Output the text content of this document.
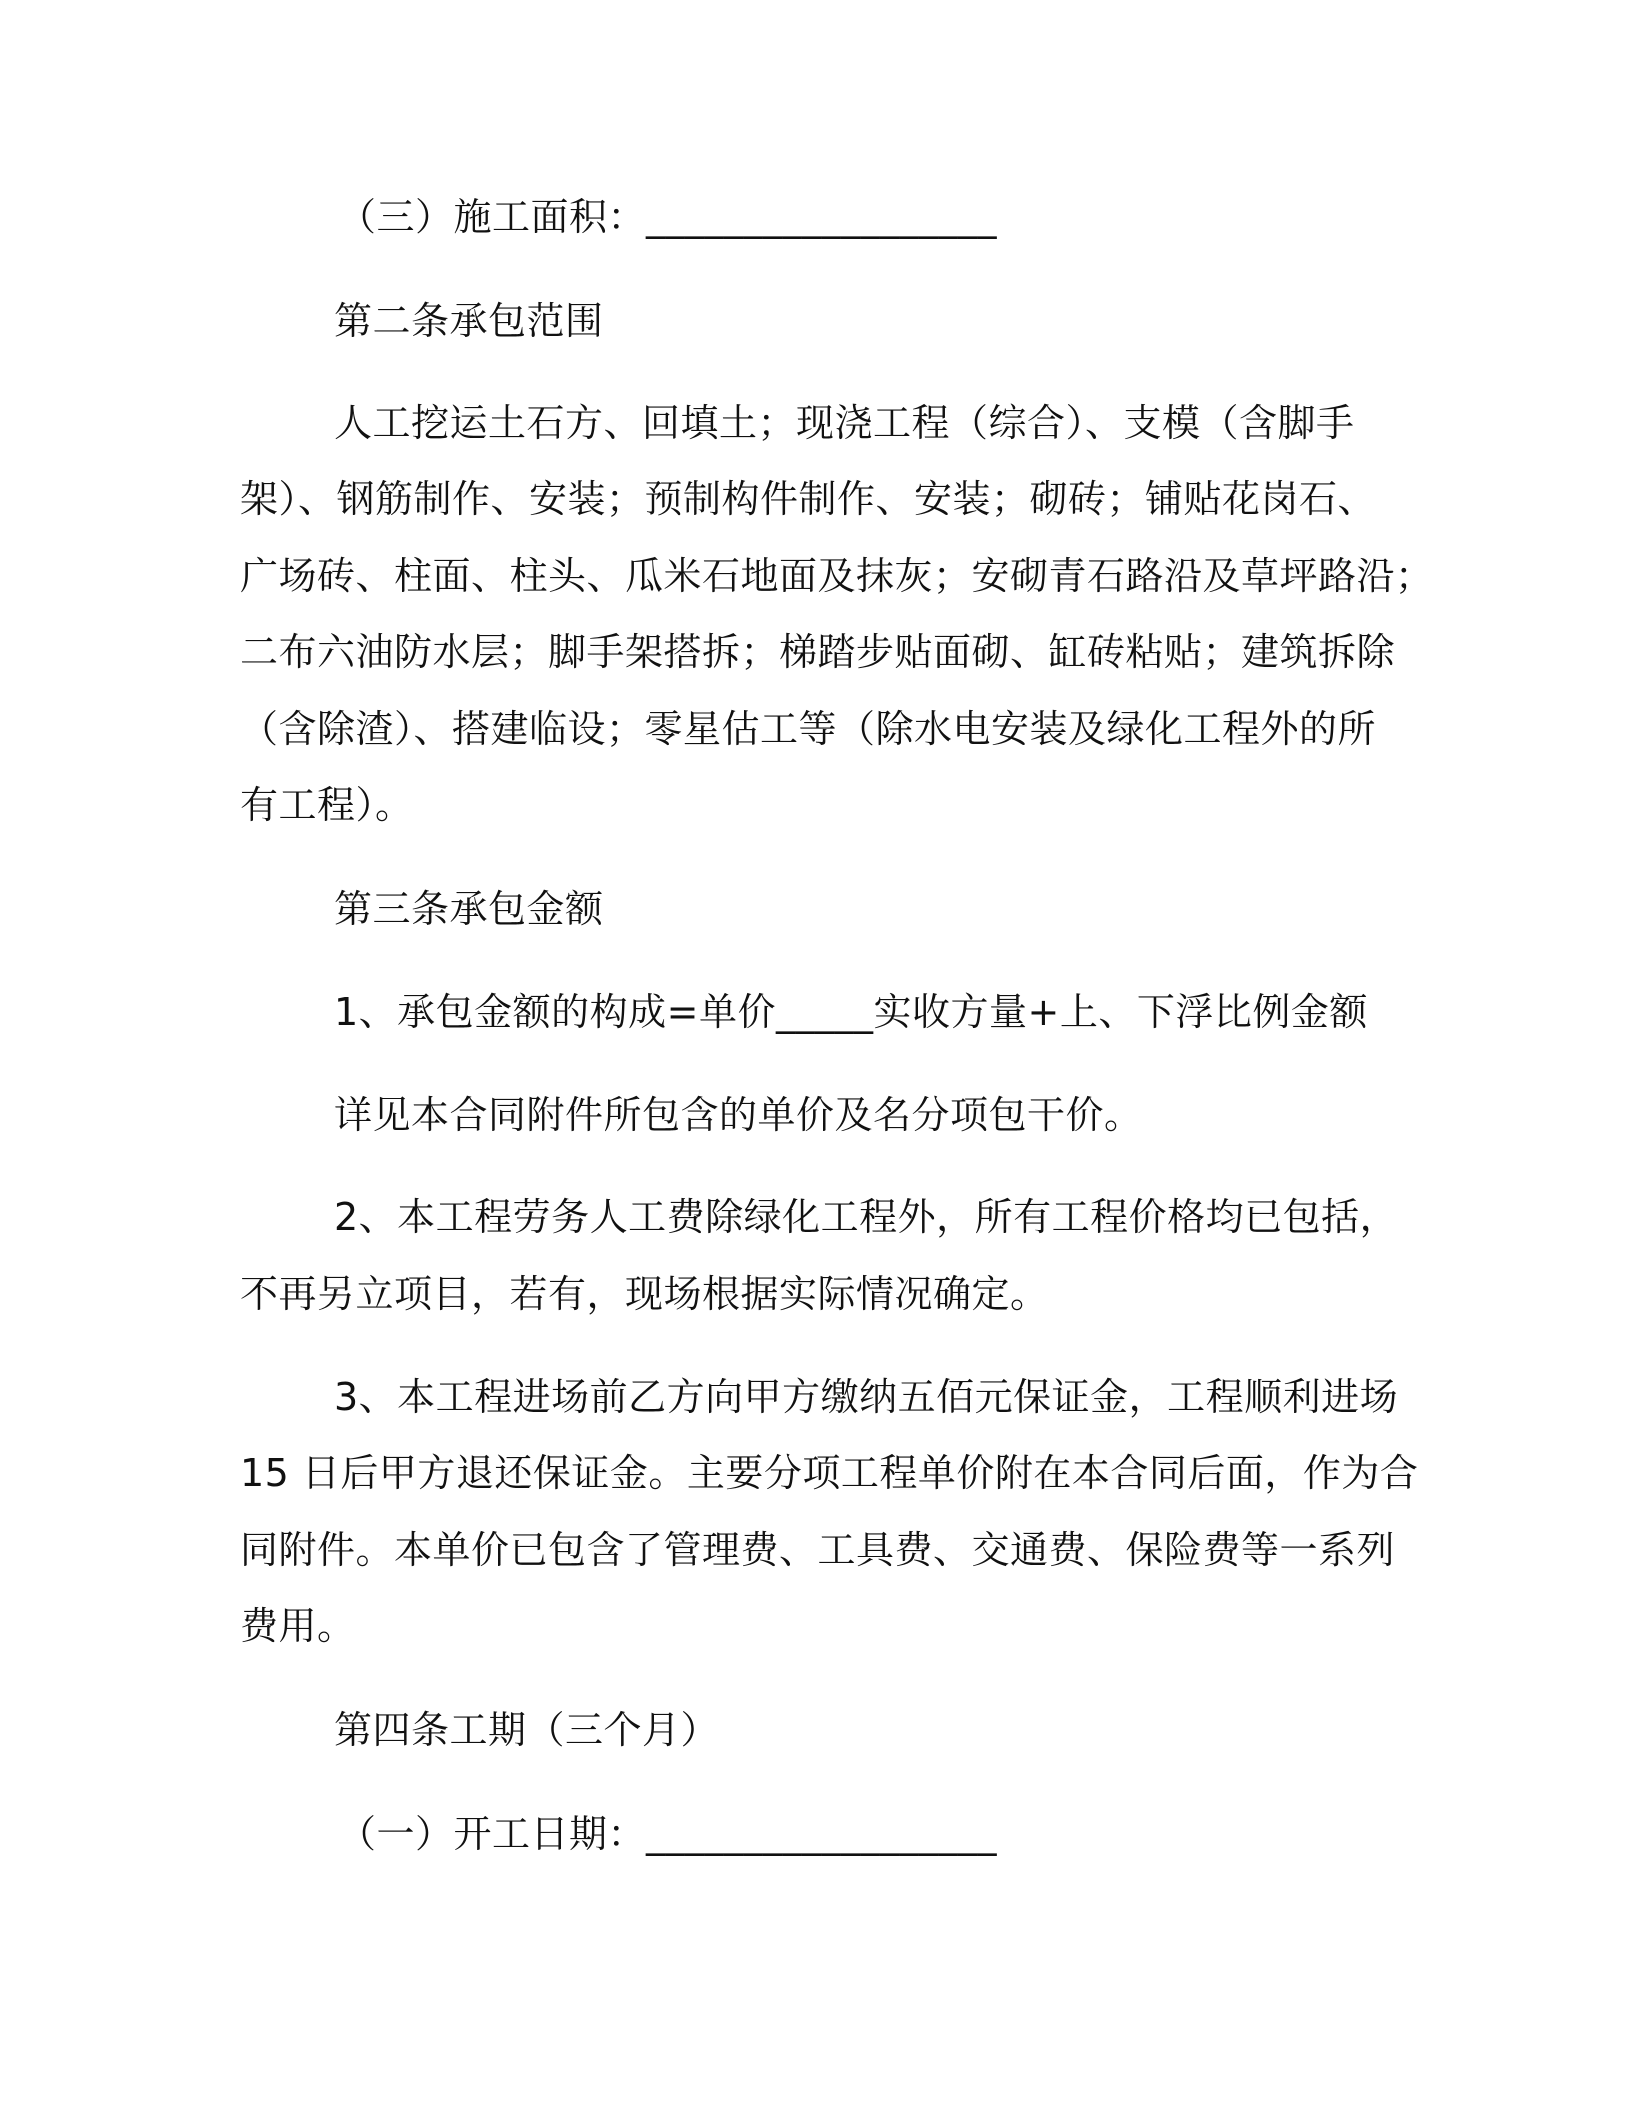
（三）施工面积：__________________
第二条承包范围
人工挖运土石方、回填土；现浇工程（综合）、支模（含脚手
架）、钢筋制作、安装；预制构件制作、安装；砌砖；铺贴花岗石、
广场砖、柱面、柱头、瓜米石地面及抹灰；安砌青石路沿及草坪路沿；
二布六油防水层；脚手架搭拆；梯踏步贴面砌、缸砖粘贴；建筑拆除
（含除渣）、搭建临设；零星估工等（除水电安装及绿化工程外的所
有工程）。
第三条承包金额
1、承包金额的构成=单价_____实收方量+上、下浮比例金额
详见本合同附件所包含的单价及名分项包干价。
2、本工程劳务人工费除绿化工程外，所有工程价格均已包括，
不再另立项目，若有，现场根据实际情况确定。
3、本工程进场前乙方向甲方缴纳五佰元保证金，工程顺利进场
15 日后甲方退还保证金。主要分项工程单价附在本合同后面，作为合
同附件。本单价已包含了管理费、工具费、交通费、保险费等一系列
费用。
第四条工期（三个月）
（一）开工日期：__________________
